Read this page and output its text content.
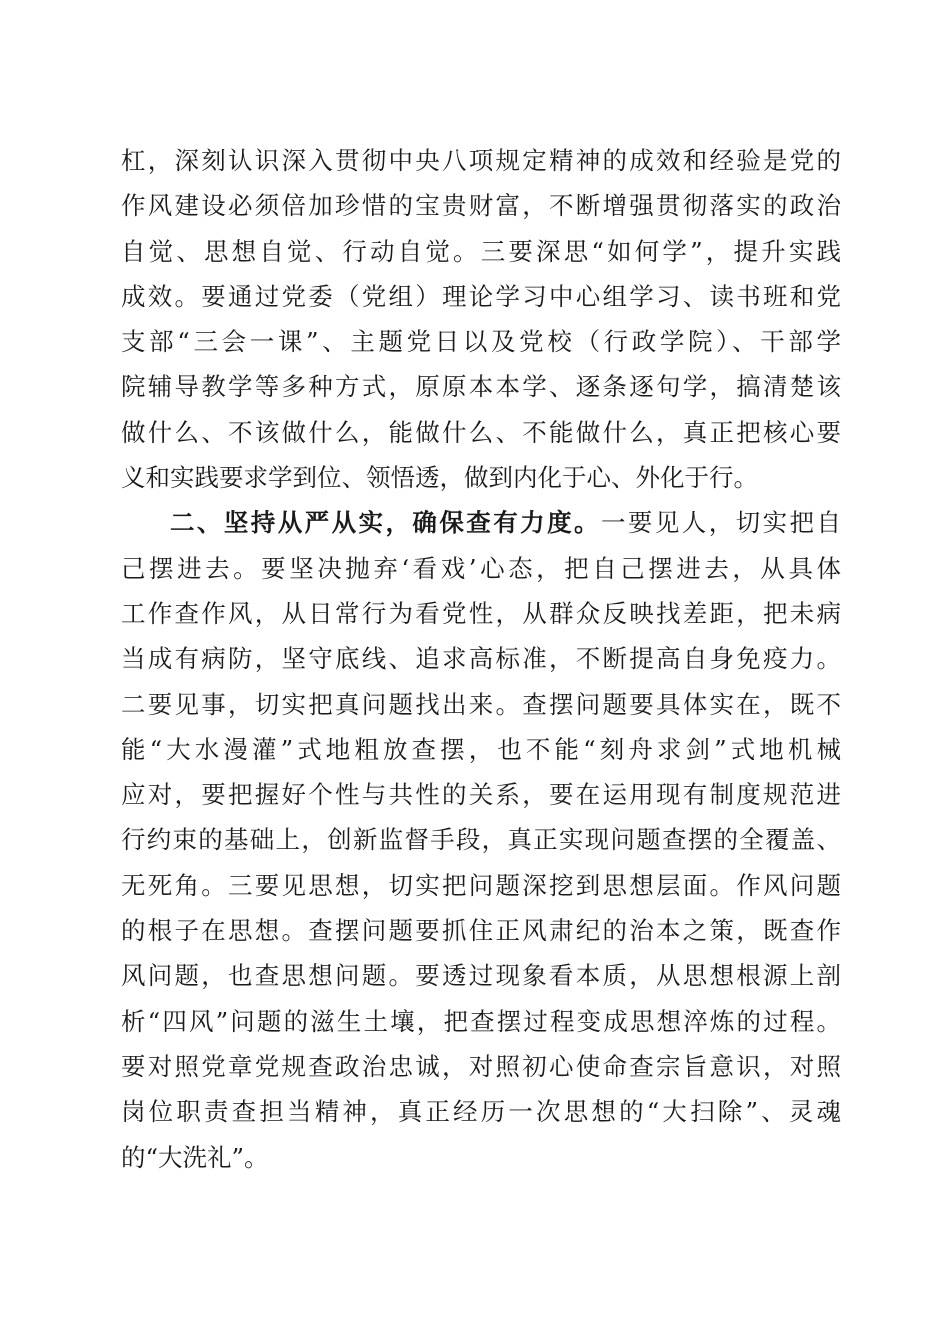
杠，深刻认识深入贯彻中央八项规定精神的成效和经验是党的
作风建设必须倍加珍惜的宝贵财富，不断增强贯彻落实的政治
自觉、思想自觉、行动自觉。三要深思“如何学”，提升实践
成效。要通过党委（党组）理论学习中心组学习、读书班和党
支部“三会一课”、主题党日以及党校（行政学院）、干部学
院辅导教学等多种方式，原原本本学、逐条逐句学，搞清楚该
做什么、不该做什么，能做什么、不能做什么，真正把核心要
义和实践要求学到位、领悟透，做到内化于心、外化于行。
二、坚持从严从实，确保查有力度。一要见人，切实把自
己摆进去。要坚决抛弃‘看戏’心态，把自己摆进去，从具体
工作查作风，从日常行为看党性，从群众反映找差距，把未病
当成有病防，坚守底线、追求高标准，不断提高自身免疫力。
二要见事，切实把真问题找出来。查摆问题要具体实在，既不
能“大水漫灌”式地粗放查摆，也不能“刻舟求剑”式地机械
应对，要把握好个性与共性的关系，要在运用现有制度规范进
行约束的基础上，创新监督手段，真正实现问题查摆的全覆盖、
无死角。三要见思想，切实把问题深挖到思想层面。作风问题
的根子在思想。查摆问题要抓住正风肃纪的治本之策，既查作
风问题，也查思想问题。要透过现象看本质，从思想根源上剖
析“四风”问题的滋生土壤，把查摆过程变成思想淬炼的过程。
要对照党章党规查政治忠诚，对照初心使命查宗旨意识，对照
岗位职责查担当精神，真正经历一次思想的“大扫除”、灵魂
的“大洗礼”。
